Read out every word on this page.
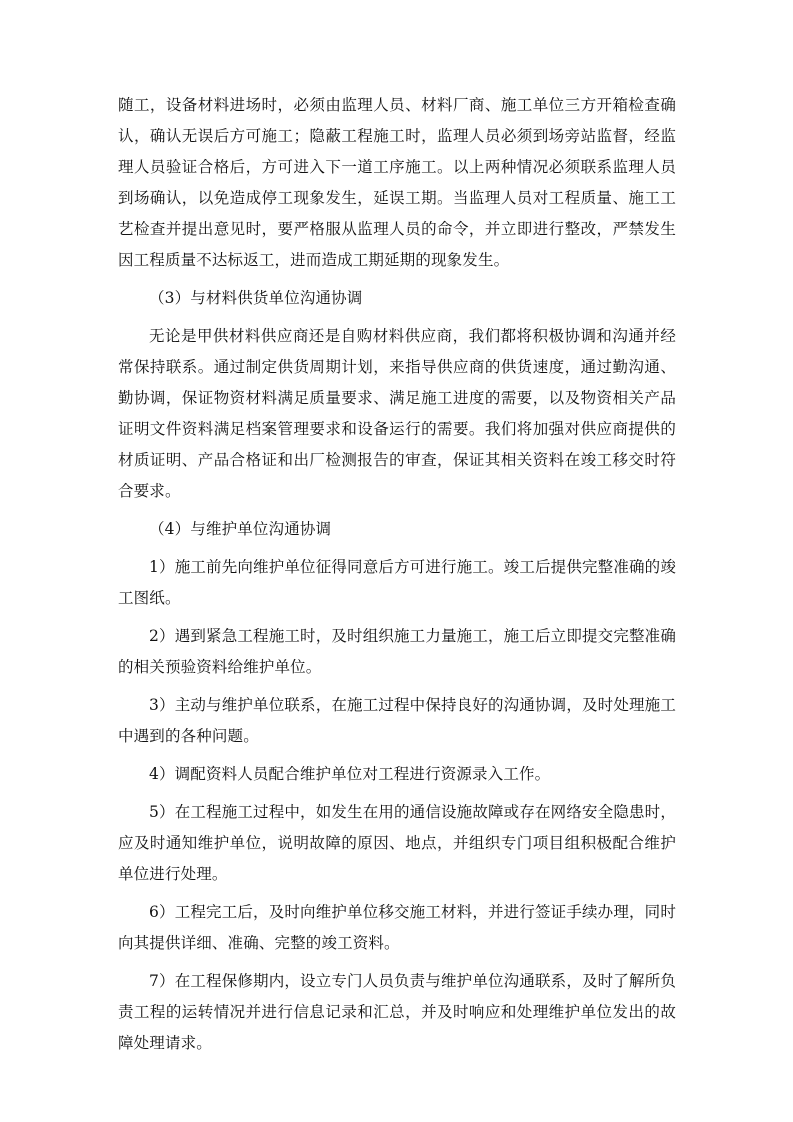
随工，设备材料进场时，必须由监理人员、材料厂商、施工单位三方开箱检查确认，确认无误后方可施工；隐蔽工程施工时，监理人员必须到场旁站监督，经监理人员验证合格后，方可进入下一道工序施工。以上两种情况必须联系监理人员到场确认，以免造成停工现象发生，延误工期。当监理人员对工程质量、施工工艺检查并提出意见时，要严格服从监理人员的命令，并立即进行整改，严禁发生因工程质量不达标返工，进而造成工期延期的现象发生。

（3）与材料供货单位沟通协调

无论是甲供材料供应商还是自购材料供应商，我们都将积极协调和沟通并经常保持联系。通过制定供货周期计划，来指导供应商的供货速度，通过勤沟通、勤协调，保证物资材料满足质量要求、满足施工进度的需要，以及物资相关产品证明文件资料满足档案管理要求和设备运行的需要。我们将加强对供应商提供的材质证明、产品合格证和出厂检测报告的审查，保证其相关资料在竣工移交时符合要求。

（4）与维护单位沟通协调

1）施工前先向维护单位征得同意后方可进行施工。竣工后提供完整准确的竣工图纸。

2）遇到紧急工程施工时，及时组织施工力量施工，施工后立即提交完整准确的相关预验资料给维护单位。

3）主动与维护单位联系，在施工过程中保持良好的沟通协调，及时处理施工中遇到的各种问题。

4）调配资料人员配合维护单位对工程进行资源录入工作。

5）在工程施工过程中，如发生在用的通信设施故障或存在网络安全隐患时，应及时通知维护单位，说明故障的原因、地点，并组织专门项目组积极配合维护单位进行处理。

6）工程完工后，及时向维护单位移交施工材料，并进行签证手续办理，同时向其提供详细、准确、完整的竣工资料。

7）在工程保修期内，设立专门人员负责与维护单位沟通联系，及时了解所负责工程的运转情况并进行信息记录和汇总，并及时响应和处理维护单位发出的故障处理请求。
